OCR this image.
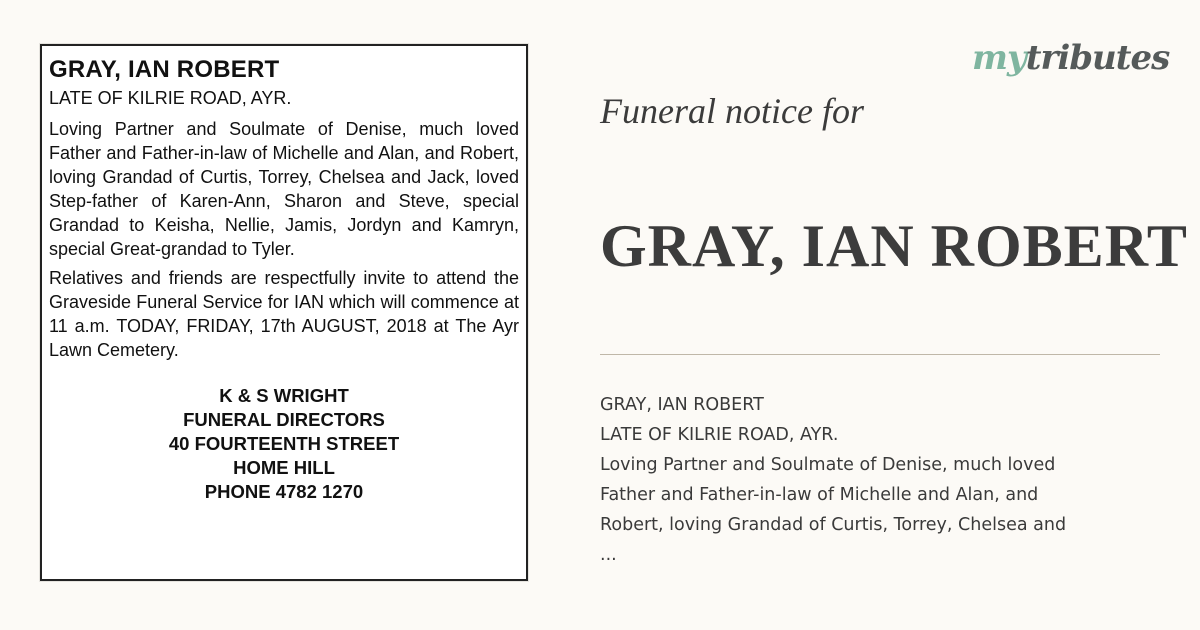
GRAY, IAN ROBERT
LATE OF KILRIE ROAD, AYR.
Loving Partner and Soulmate of Denise, much loved Father and Father-in-law of Michelle and Alan, and Robert, loving Grandad of Curtis, Torrey, Chelsea and Jack, loved Step-father of Karen-Ann, Sharon and Steve, special Grandad to Keisha, Nellie, Jamis, Jordyn and Kamryn, special Great-grandad to Tyler.
Relatives and friends are respectfully invite to attend the Graveside Funeral Service for IAN which will commence at 11 a.m. TODAY, FRIDAY, 17th AUGUST, 2018 at The Ayr Lawn Cemetery.
K & S WRIGHT
FUNERAL DIRECTORS
40 FOURTEENTH STREET
HOME HILL
PHONE 4782 1270
mytributes
Funeral notice for
GRAY, IAN ROBERT
GRAY, IAN ROBERT
LATE OF KILRIE ROAD, AYR.
Loving Partner and Soulmate of Denise, much loved
Father and Father-in-law of Michelle and Alan, and
Robert, loving Grandad of Curtis, Torrey, Chelsea and
...
